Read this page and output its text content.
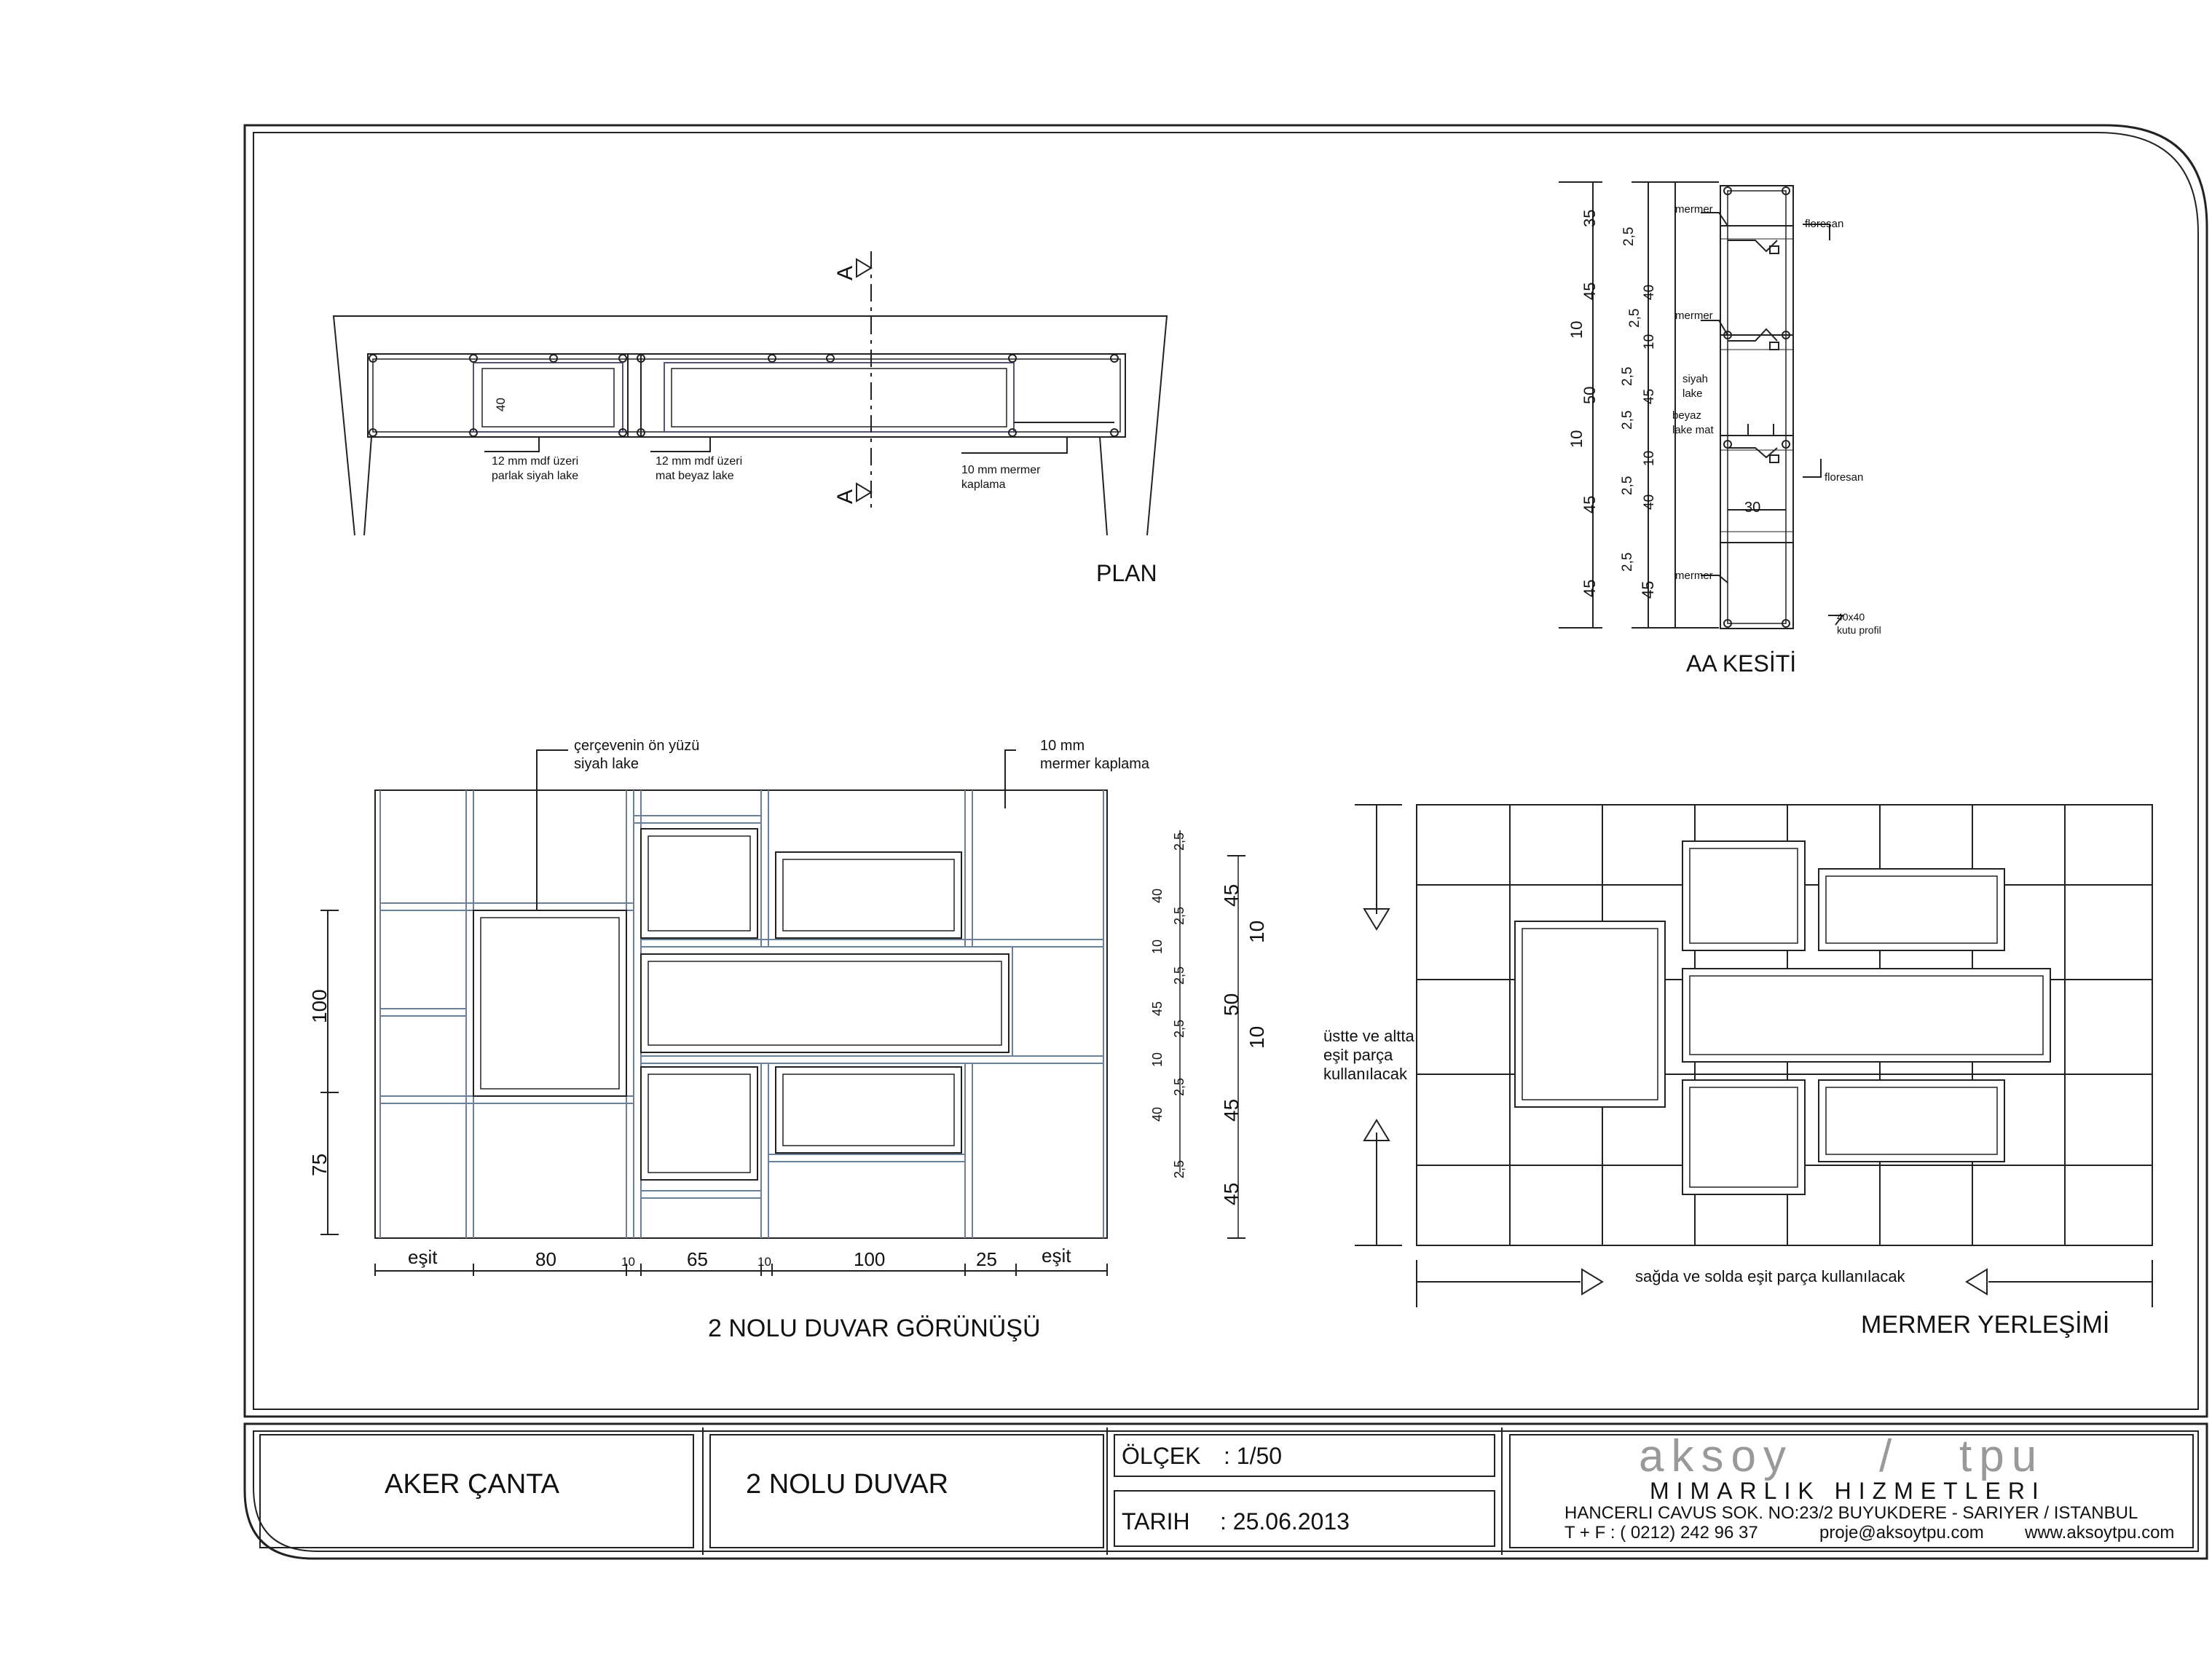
40
A
A
12 mm mdf üzeri
parlak siyah lake
12 mm mdf üzeri
mat beyaz lake	10 mm mermer
kaplama
PLAN
35
45
10
50
10
45
45
2,5
40
2,5
10
2,5
45
2,5
10
2,5
40
2,5
45
mermer
mermer
mermer
floresan
floresan
siyah
lake
beyaz
lake mat
30
40x40
kutu profil
AA KESİTİ
çerçevenin ön yüzü
siyah lake
10 mm
mermer kaplama
100
75
eşit	80	10	65	10	100	25 eşit
2,5
40
2,5
10
2,5
45
2,5
10
2,5
40
2,5
45
10
50
10
45
45
2 NOLU DUVAR GÖRÜNÜŞÜ
üstte ve altta
eşit parça
kullanılacak
sağda ve solda eşit parça kullanılacak
MERMER YERLEŞİMİ
AKER ÇANTA	2 NOLU DUVAR
ÖLÇEK : 1/50
TARIH : 25.06.2013
aksoy / tpu
MIMARLIK HIZMETLERI
HANCERLI CAVUS SOK. NO:23/2 BUYUKDERE - SARIYER / ISTANBUL
T + F : ( 0212) 242 96 37	proje@aksoytpu.com www.aksoytpu.com
